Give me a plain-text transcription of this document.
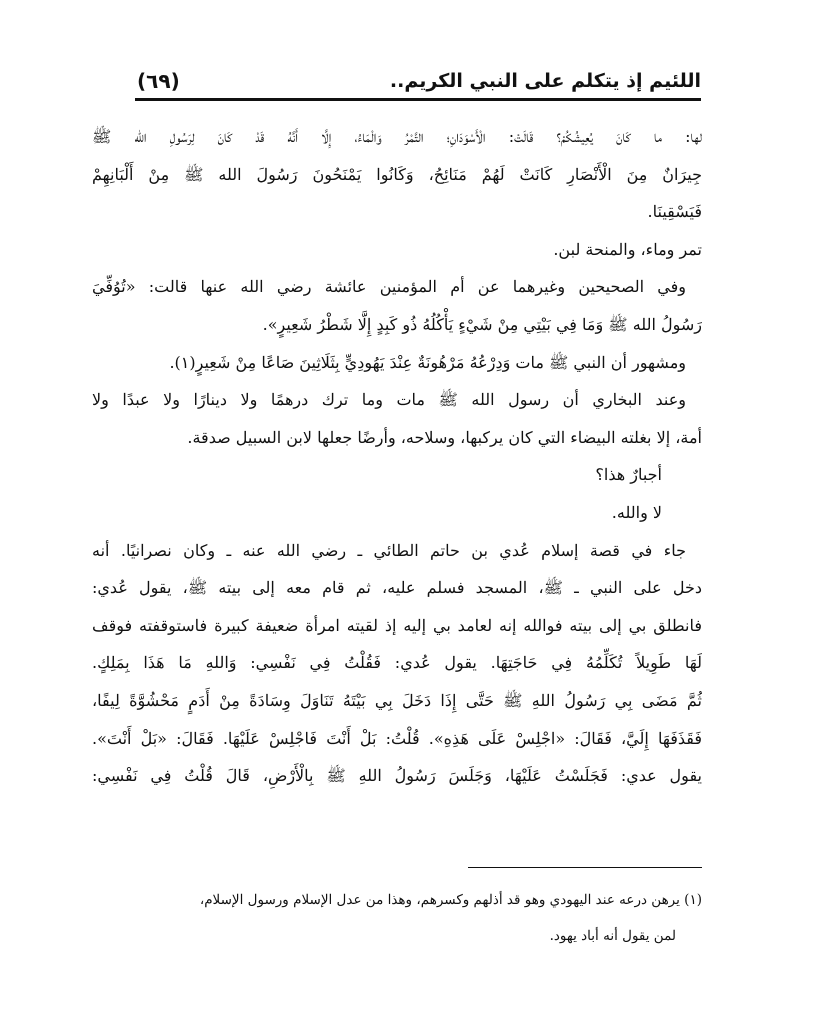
اللئيم إذ يتكلم على النبي الكريم..
(٦٩)
لها: ما كَانَ يُعِيشُكُمْ؟ قَالَتْ: الْأَسْوَدَانِ؛ التَّمْرُ وَالْمَاءُ، إِلَّا أَنَّهُ قَدْ كَانَ لِرَسُولِ الله ﷺ
جِيرَانٌ مِنَ الْأَنْصَارِ كَانَتْ لَهُمْ مَنَائِحُ، وَكَانُوا يَمْنَحُونَ رَسُولَ الله ﷺ مِنْ أَلْبَانِهِمْ
فَيَسْقِينَا.
تمر وماء، والمنحة لبن.
وفي الصحيحين وغيرهما عن أم المؤمنين عائشة رضي الله عنها قالت: «تُوُفِّيَ
رَسُولُ الله ﷺ وَمَا فِي بَيْتِي مِنْ شَيْءٍ يَأْكُلُهُ ذُو كَبِدٍ إِلَّا شَطْرُ شَعِيرٍ».
ومشهور أن النبي ﷺ مات وَدِرْعُهُ مَرْهُونَةٌ عِنْدَ يَهُودِيٍّ بِثَلَاثِينَ صَاعًا مِنْ شَعِيرٍ(١).
وعند البخاري أن رسول الله ﷺ مات وما ترك درهمًا ولا دينارًا ولا عبدًا ولا
أمة، إلا بغلته البيضاء التي كان يركبها، وسلاحه، وأرضًا جعلها لابن السبيل صدقة.
أجبارٌ هذا؟
لا والله.
جاء في قصة إسلام عُدي بن حاتم الطائي ـ رضي الله عنه ـ وكان نصرانيًا. أنه
دخل على النبي ـ ﷺ، المسجد فسلم عليه، ثم قام معه إلى بيته ﷺ، يقول عُدي:
فانطلق بي إلى بيته فوالله إنه لعامد بي إليه إذ لقيته امرأة ضعيفة كبيرة فاستوقفته فوقف
لَهَا طَوِيلاً تُكَلِّمُهُ فِي حَاجَتِهَا. يقول عُدي: فَقُلْتُ فِي نَفْسِي: وَاللهِ مَا هَذَا بِمَلِكٍ.
ثُمَّ مَضَى بِي رَسُولُ اللهِ ﷺ حَتَّى إِذَا دَخَلَ بِي بَيْتَهُ تَنَاوَلَ وِسَادَةً مِنْ أَدَمٍ مَحْشُوَّةً لِيفًا،
فَقَذَفَهَا إِلَيَّ، فَقَالَ: «اجْلِسْ عَلَى هَذِهِ». قُلْتُ: بَلْ أَنْتَ فَاجْلِسْ عَلَيْهَا. فَقَالَ: «بَلْ أَنْتَ».
يقول عدي: فَجَلَسْتُ عَلَيْهَا، وَجَلَسَ رَسُولُ اللهِ ﷺ بِالْأَرْضِ، قَالَ قُلْتُ فِي نَفْسِي:
(١) يرهن درعه عند اليهودي وهو قد أذلهم وكسرهم، وهذا من عدل الإسلام ورسول الإسلام،
لمن يقول أنه أباد يهود.
